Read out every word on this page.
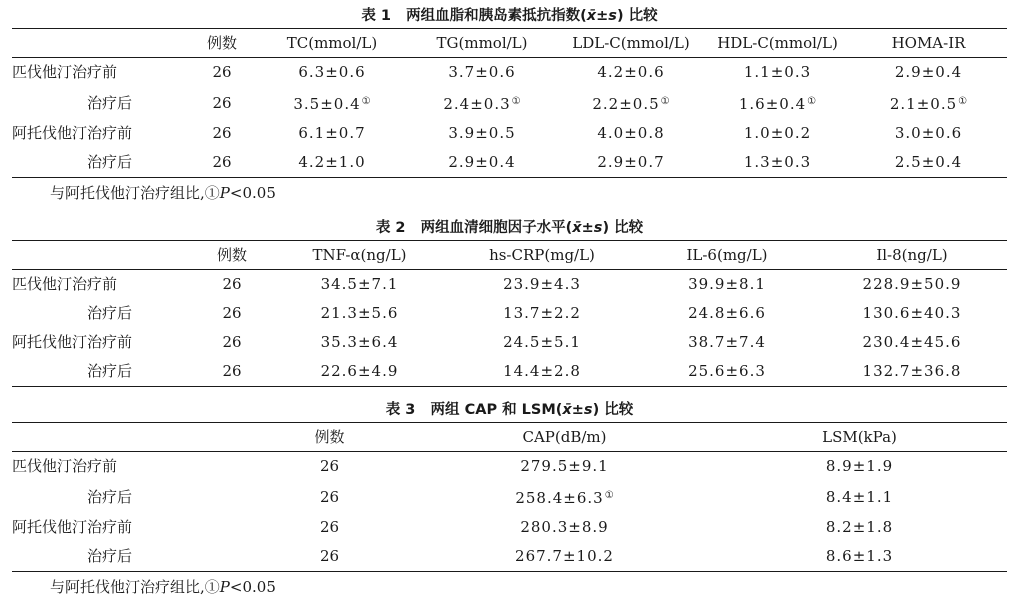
表 1 两组血脂和胰岛素抵抗指数(x̄±s) 比较
	例数	TC(mmol/L)	TG(mmol/L)	LDL-C(mmol/L)	HDL-C(mmol/L)	HOMA-IR
匹伐他汀治疗前	26	6.3±0.6	3.7±0.6	4.2±0.6	1.1±0.3	2.9±0.4
治疗后	26	3.5±0.4①	2.4±0.3①	2.2±0.5①	1.6±0.4①	2.1±0.5①
阿托伐他汀治疗前	26	6.1±0.7	3.9±0.5	4.0±0.8	1.0±0.2	3.0±0.6
治疗后	26	4.2±1.0	2.9±0.4	2.9±0.7	1.3±0.3	2.5±0.4
与阿托伐他汀治疗组比,①P<0.05
表 2 两组血清细胞因子水平(x̄±s) 比较
	例数	TNF-α(ng/L)	hs-CRP(mg/L)	IL-6(mg/L)	Il-8(ng/L)
匹伐他汀治疗前	26	34.5±7.1	23.9±4.3	39.9±8.1	228.9±50.9
治疗后	26	21.3±5.6	13.7±2.2	24.8±6.6	130.6±40.3
阿托伐他汀治疗前	26	35.3±6.4	24.5±5.1	38.7±7.4	230.4±45.6
治疗后	26	22.6±4.9	14.4±2.8	25.6±6.3	132.7±36.8
表 3 两组 CAP 和 LSM(x̄±s) 比较
	例数	CAP(dB/m)	LSM(kPa)
匹伐他汀治疗前	26	279.5±9.1	8.9±1.9
治疗后	26	258.4±6.3①	8.4±1.1
阿托伐他汀治疗前	26	280.3±8.9	8.2±1.8
治疗后	26	267.7±10.2	8.6±1.3
与阿托伐他汀治疗组比,①P<0.05
